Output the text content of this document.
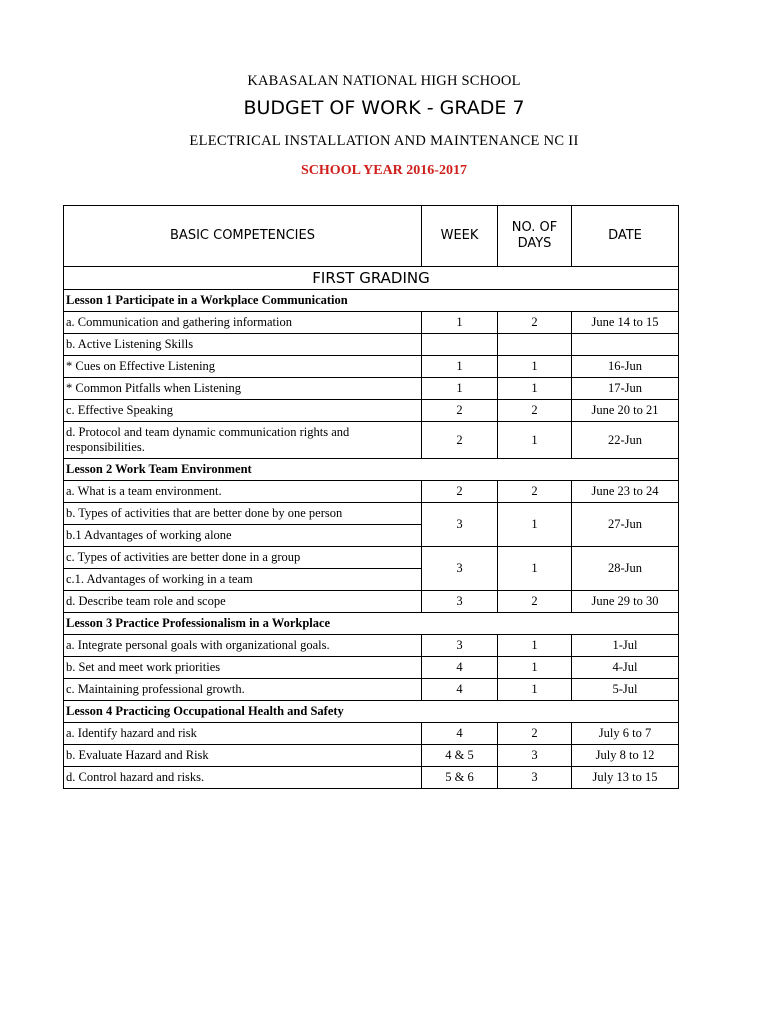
KABASALAN NATIONAL HIGH SCHOOL
BUDGET OF WORK - GRADE 7
ELECTRICAL INSTALLATION AND MAINTENANCE NC II
SCHOOL YEAR 2016-2017
BASIC COMPETENCIES	WEEK	NO. OF DAYS	DATE
FIRST GRADING			
Lesson 1 Participate in a Workplace Communication			
a. Communication and gathering information	1	2	June 14 to 15
b. Active Listening Skills			
* Cues on Effective Listening	1	1	16-Jun
* Common Pitfalls when Listening	1	1	17-Jun
c. Effective Speaking	2	2	June 20 to 21
d. Protocol and team dynamic communication rights and responsibilities.	2	1	22-Jun
Lesson 2 Work Team Environment			
a. What is a team environment.	2	2	June 23 to 24
b. Types of activities that are better done by one person	3	1	27-Jun
b.1 Advantages of working alone			
c. Types of activities are better done in a group	3	1	28-Jun
c.1. Advantages of working in a team			
d. Describe team role and scope	3	2	June 29 to 30
Lesson 3 Practice Professionalism in a Workplace			
a. Integrate personal goals with organizational goals.	3	1	1-Jul
b. Set and meet work priorities	4	1	4-Jul
c. Maintaining professional growth.	4	1	5-Jul
Lesson 4 Practicing Occupational Health and Safety			
a. Identify hazard and risk	4	2	July 6 to 7
b. Evaluate Hazard and Risk	4 & 5	3	July 8 to 12
d. Control hazard and risks.	5 & 6	3	July 13 to 15
